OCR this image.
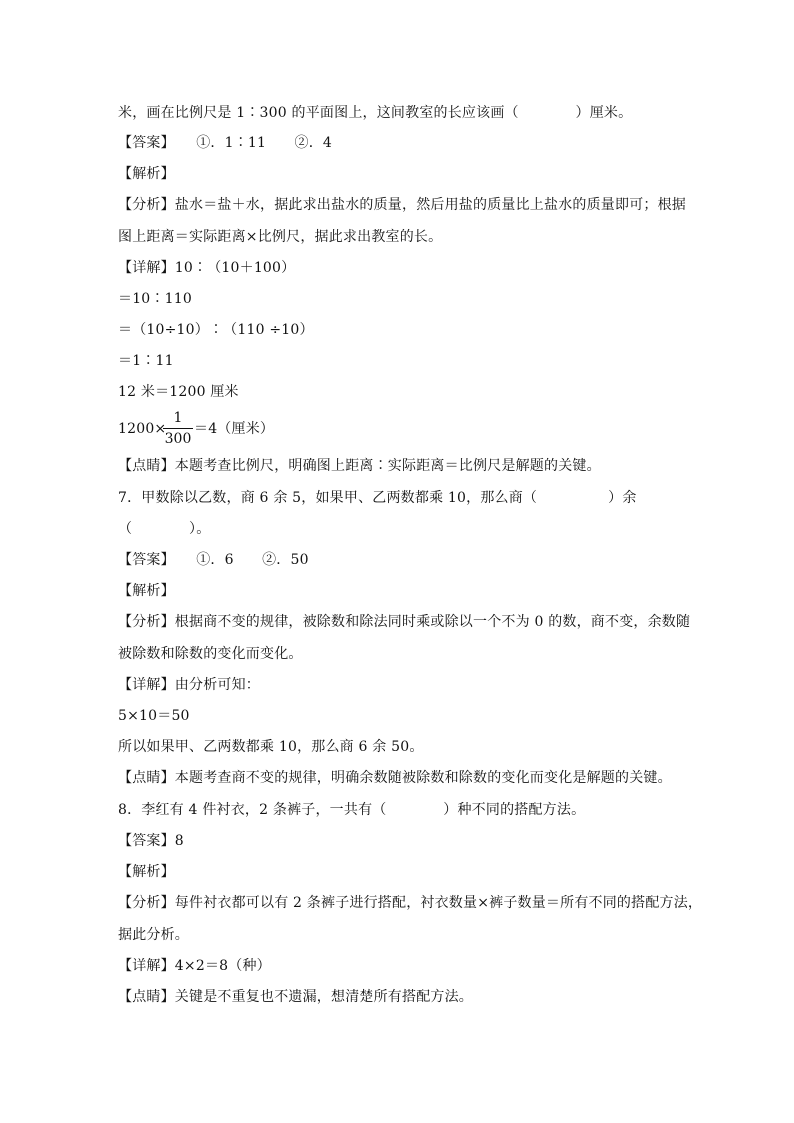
米，画在比例尺是 1∶300 的平面图上，这间教室的长应该画（　　　　）厘米。
【答案】　　①．1∶11　　②．4
【解析】
【分析】盐水＝盐＋水，据此求出盐水的质量，然后用盐的质量比上盐水的质量即可；根据
图上距离＝实际距离×比例尺，据此求出教室的长。
【详解】10∶（10＋100）
＝10∶110
＝（10÷10）∶（110 ÷10）
＝1∶11
12 米＝1200 厘米
1200×
1
300
＝4（厘米）
【点睛】本题考查比例尺，明确图上距离∶实际距离＝比例尺是解题的关键。
7．甲数除以乙数，商 6 余 5，如果甲、乙两数都乘 10，那么商（　　　　　）余
（　　　　）。
【答案】　　①．6　　②．50
【解析】
【分析】根据商不变的规律，被除数和除法同时乘或除以一个不为 0 的数，商不变，余数随
被除数和除数的变化而变化。
【详解】由分析可知：
5×10＝50
所以如果甲、乙两数都乘 10，那么商 6 余 50。
【点睛】本题考查商不变的规律，明确余数随被除数和除数的变化而变化是解题的关键。
8．李红有 4 件衬衣，2 条裤子，一共有（　　　　）种不同的搭配方法。
【答案】8
【解析】
【分析】每件衬衣都可以有 2 条裤子进行搭配，衬衣数量×裤子数量＝所有不同的搭配方法，
据此分析。
【详解】4×2＝8（种）
【点睛】关键是不重复也不遗漏，想清楚所有搭配方法。
